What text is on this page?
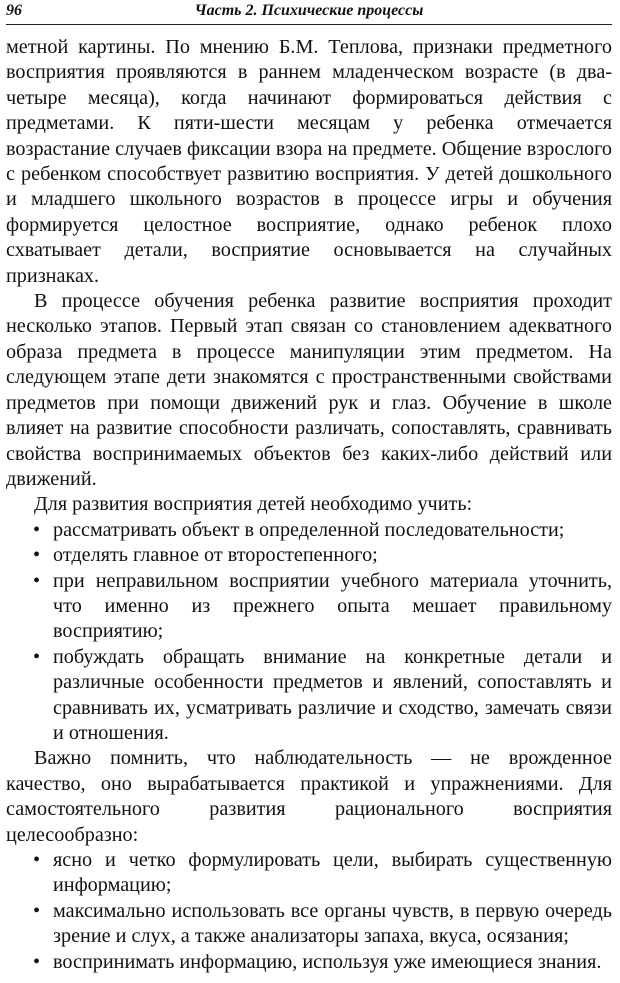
96	Часть 2. Психические процессы

метной картины. По мнению Б.М. Теплова, признаки предметного восприятия проявляются в раннем младенческом возрасте (в два-четыре месяца), когда начинают формироваться действия с предметами. К пяти-шести месяцам у ребенка отмечается возрастание случаев фиксации взора на предмете. Общение взрослого с ребенком способствует развитию восприятия. У детей дошкольного и младшего школьного возрастов в процессе игры и обучения формируется целостное восприятие, однако ребенок плохо схватывает детали, восприятие основывается на случайных признаках.

В процессе обучения ребенка развитие восприятия проходит несколько этапов. Первый этап связан со становлением адекватного образа предмета в процессе манипуляции этим предметом. На следующем этапе дети знакомятся с пространственными свойствами предметов при помощи движений рук и глаз. Обучение в школе влияет на развитие способности различать, сопоставлять, сравнивать свойства воспринимаемых объектов без каких-либо действий или движений.

Для развития восприятия детей необходимо учить:

• рассматривать объект в определенной последовательности;
• отделять главное от второстепенного;
• при неправильном восприятии учебного материала уточнить, что именно из прежнего опыта мешает правильному восприятию;
• побуждать обращать внимание на конкретные детали и различные особенности предметов и явлений, сопоставлять и сравнивать их, усматривать различие и сходство, замечать связи и отношения.

Важно помнить, что наблюдательность — не врожденное качество, оно вырабатывается практикой и упражнениями. Для самостоятельного развития рационального восприятия целесообразно:

• ясно и четко формулировать цели, выбирать существенную информацию;
• максимально использовать все органы чувств, в первую очередь зрение и слух, а также анализаторы запаха, вкуса, осязания;
• воспринимать информацию, используя уже имеющиеся знания.
